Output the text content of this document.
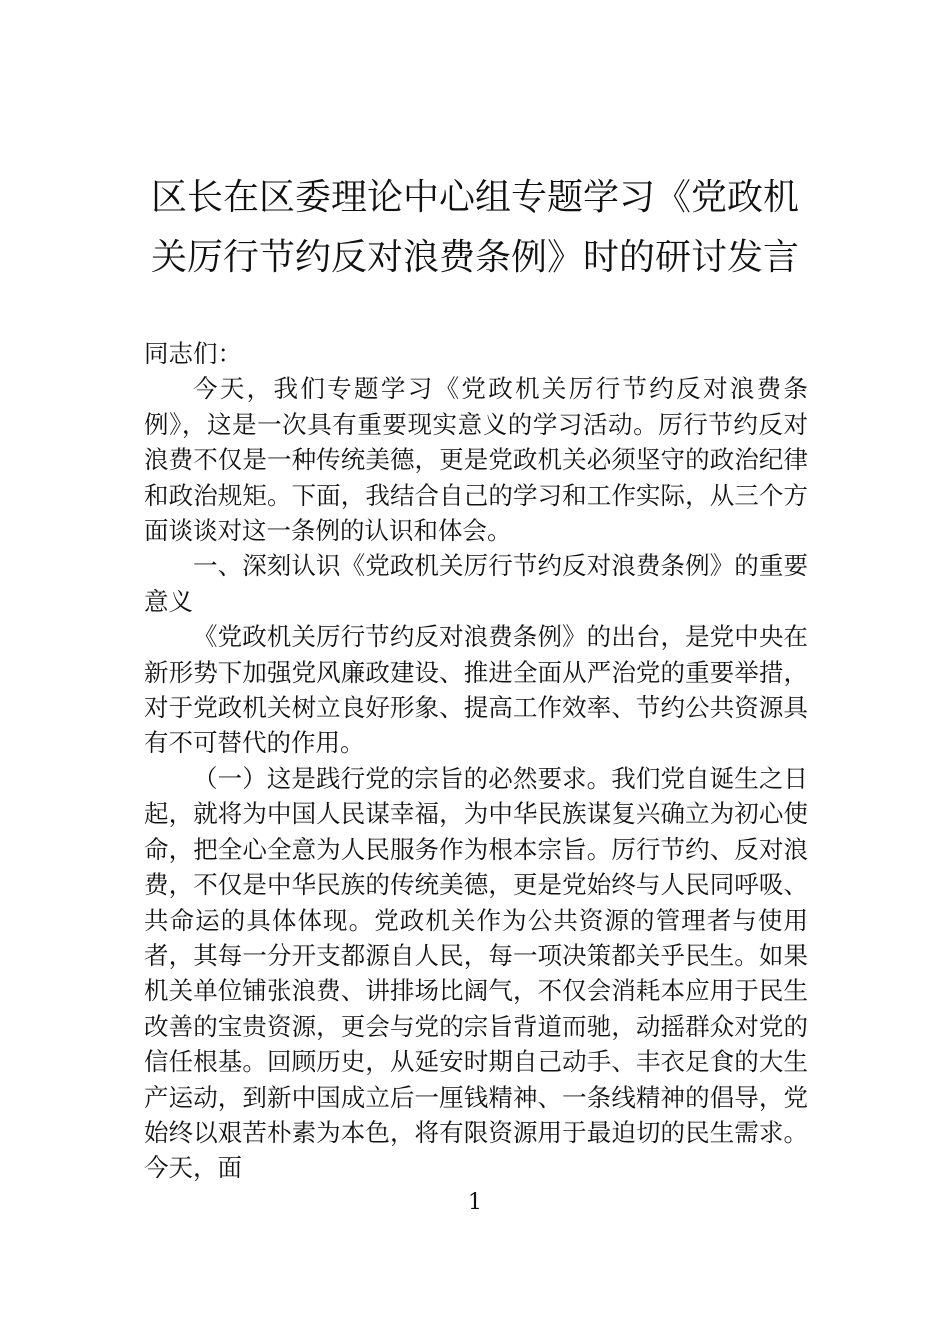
区长在区委理论中心组专题学习《党政机
关厉行节约反对浪费条例》时的研讨发言

同志们：

今天，我们专题学习《党政机关厉行节约反对浪费条例》，这是一次具有重要现实意义的学习活动。厉行节约反对浪费不仅是一种传统美德，更是党政机关必须坚守的政治纪律和政治规矩。下面，我结合自己的学习和工作实际，从三个方面谈谈对这一条例的认识和体会。

一、深刻认识《党政机关厉行节约反对浪费条例》的重要意义

《党政机关厉行节约反对浪费条例》的出台，是党中央在新形势下加强党风廉政建设、推进全面从严治党的重要举措，对于党政机关树立良好形象、提高工作效率、节约公共资源具有不可替代的作用。

（一）这是践行党的宗旨的必然要求。我们党自诞生之日起，就将为中国人民谋幸福，为中华民族谋复兴确立为初心使命，把全心全意为人民服务作为根本宗旨。厉行节约、反对浪费，不仅是中华民族的传统美德，更是党始终与人民同呼吸、共命运的具体体现。党政机关作为公共资源的管理者与使用者，其每一分开支都源自人民，每一项决策都关乎民生。如果机关单位铺张浪费、讲排场比阔气，不仅会消耗本应用于民生改善的宝贵资源，更会与党的宗旨背道而驰，动摇群众对党的信任根基。回顾历史，从延安时期自己动手、丰衣足食的大生产运动，到新中国成立后一厘钱精神、一条线精神的倡导，党始终以艰苦朴素为本色，将有限资源用于最迫切的民生需求。今天，面

1
